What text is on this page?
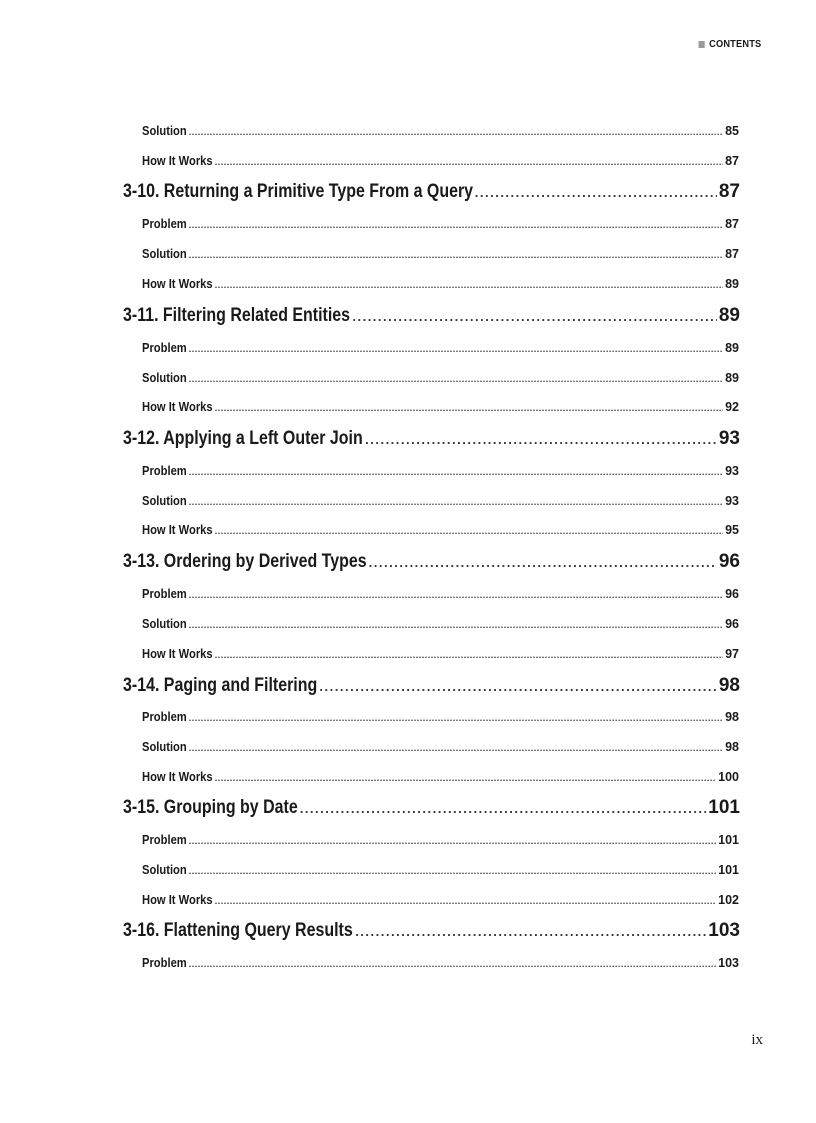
CONTENTS
Solution .....	85
How It Works .....	87
3-10. Returning a Primitive Type From a Query .....	87
Problem .....	87
Solution .....	87
How It Works .....	89
3-11. Filtering Related Entities .....	89
Problem .....	89
Solution .....	89
How It Works .....	92
3-12. Applying a Left Outer Join .....	93
Problem .....	93
Solution .....	93
How It Works .....	95
3-13. Ordering by Derived Types .....	96
Problem .....	96
Solution .....	96
How It Works .....	97
3-14. Paging and Filtering .....	98
Problem .....	98
Solution .....	98
How It Works .....	100
3-15. Grouping by Date .....	101
Problem .....	101
Solution .....	101
How It Works .....	102
3-16. Flattening Query Results .....	103
Problem .....	103
ix
